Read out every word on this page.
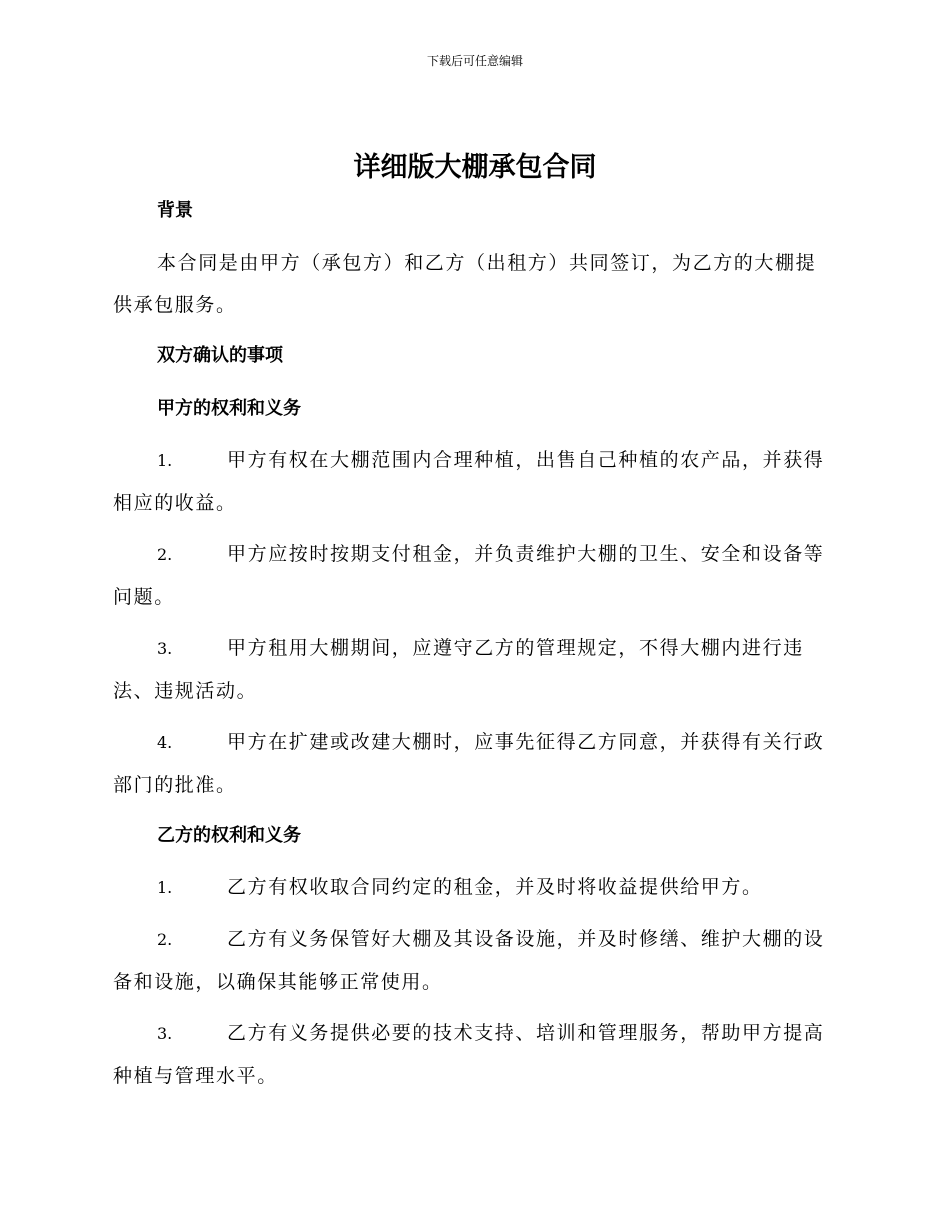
下载后可任意编辑
详细版大棚承包合同
背景
本合同是由甲方（承包方）和乙方（出租方）共同签订，为乙方的大棚提供承包服务。
双方确认的事项
甲方的权利和义务
1.	甲方有权在大棚范围内合理种植，出售自己种植的农产品，并获得相应的收益。
2.	甲方应按时按期支付租金，并负责维护大棚的卫生、安全和设备等问题。
3.	甲方租用大棚期间，应遵守乙方的管理规定，不得大棚内进行违法、违规活动。
4.	甲方在扩建或改建大棚时，应事先征得乙方同意，并获得有关行政部门的批准。
乙方的权利和义务
1.	乙方有权收取合同约定的租金，并及时将收益提供给甲方。
2.	乙方有义务保管好大棚及其设备设施，并及时修缮、维护大棚的设备和设施，以确保其能够正常使用。
3.	乙方有义务提供必要的技术支持、培训和管理服务，帮助甲方提高种植与管理水平。
